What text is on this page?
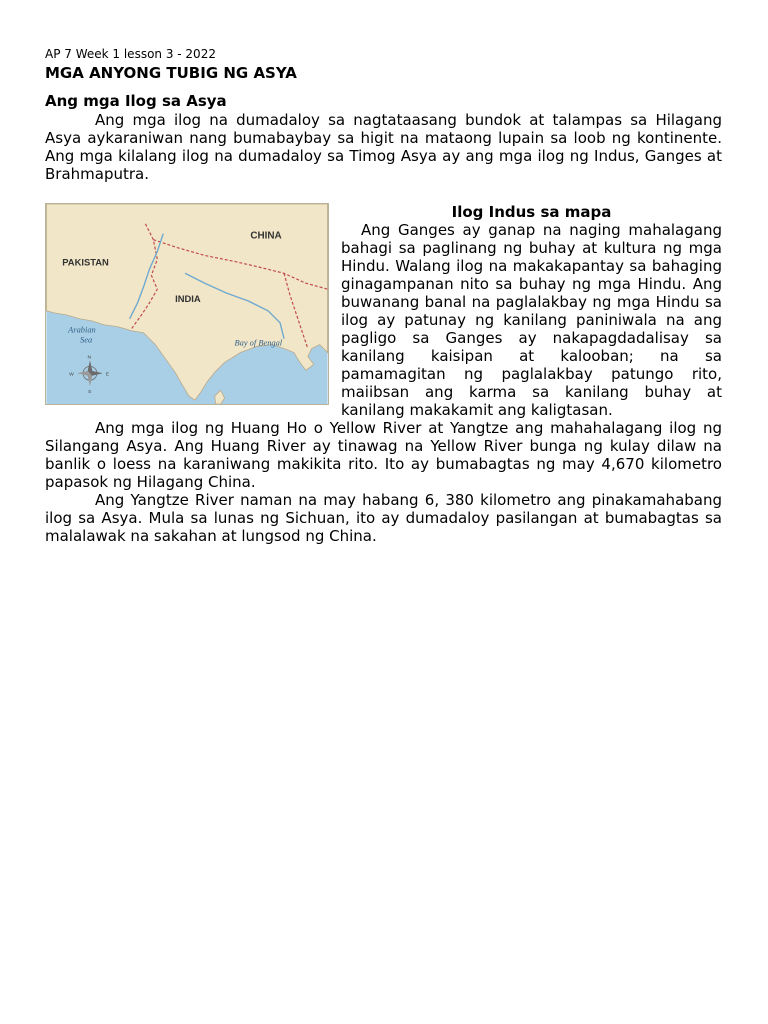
AP 7 Week 1 lesson 3 - 2022

MGA ANYONG TUBIG NG ASYA

Ang mga Ilog sa Asya

Ang mga ilog na dumadaloy sa nagtataasang bundok at talampas sa Hilagang Asya aykaraniwan nang bumabaybay sa higit na mataong lupain sa loob ng kontinente. Ang mga kilalang ilog na dumadaloy sa Timog Asya ay ang mga ilog ng Indus, Ganges at Brahmaputra.

CHINA
PAKISTAN
INDIA
Arabian
Sea	Bay of Bengal
N
S
W	E

Ilog Indus sa mapa

Ang Ganges ay ganap na naging mahalagang bahagi sa paglinang ng buhay at kultura ng mga Hindu. Walang ilog na makakapantay sa bahaging ginagampanan nito sa buhay ng mga Hindu. Ang buwanang banal na paglalakbay ng mga Hindu sa ilog ay patunay ng kanilang paniniwala na ang pagligo sa Ganges ay nakapagdadalisay sa kanilang kaisipan at kalooban; na sa pamamagitan ng paglalakbay patungo rito, maiibsan ang karma sa kanilang buhay at kanilang makakamit ang kaligtasan.

Ang mga ilog ng Huang Ho o Yellow River at Yangtze ang mahahalagang ilog ng Silangang Asya. Ang Huang River ay tinawag na Yellow River bunga ng kulay dilaw na banlik o loess na karaniwang makikita rito. Ito ay bumabagtas ng may 4,670 kilometro papasok ng Hilagang China.

Ang Yangtze River naman na may habang 6, 380 kilometro ang pinakamahabang ilog sa Asya. Mula sa lunas ng Sichuan, ito ay dumadaloy pasilangan at bumabagtas sa malalawak na sakahan at lungsod ng China.
